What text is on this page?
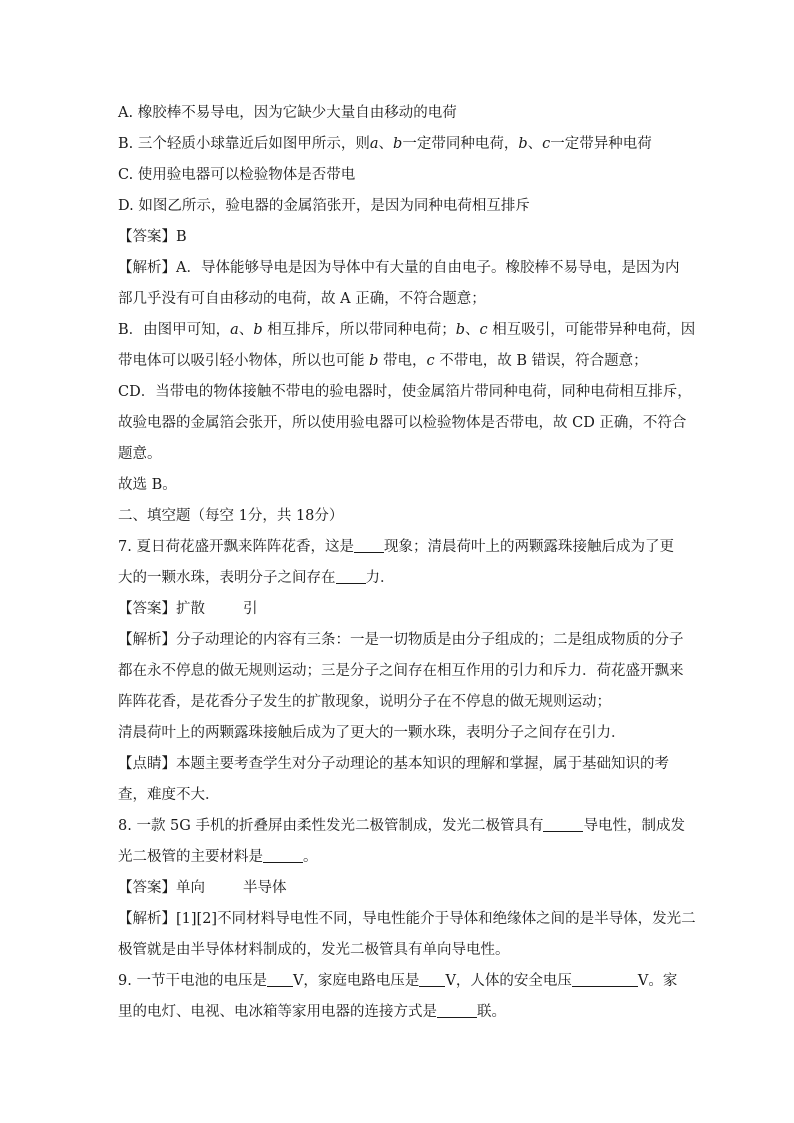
A. 橡胶棒不易导电，因为它缺少大量自由移动的电荷
B. 三个轻质小球靠近后如图甲所示，则a、b一定带同种电荷，b、c一定带异种电荷
C. 使用验电器可以检验物体是否带电
D. 如图乙所示，验电器的金属箔张开，是因为同种电荷相互排斥
【答案】B
【解析】A．导体能够导电是因为导体中有大量的自由电子。橡胶棒不易导电，是因为内
部几乎没有可自由移动的电荷，故 A 正确，不符合题意；
B．由图甲可知，a、b 相互排斥，所以带同种电荷；b、c 相互吸引，可能带异种电荷，因
带电体可以吸引轻小物体，所以也可能 b 带电，c 不带电，故 B 错误，符合题意；
CD．当带电的物体接触不带电的验电器时，使金属箔片带同种电荷，同种电荷相互排斥，
故验电器的金属箔会张开，所以使用验电器可以检验物体是否带电，故 CD 正确，不符合
题意。
故选 B。
二、填空题（每空 1分，共 18分）
7. 夏日荷花盛开飘来阵阵花香，这是 现象；清晨荷叶上的两颗露珠接触后成为了更
大的一颗水珠，表明分子之间存在 力．
【答案】扩散	引
【解析】分子动理论的内容有三条：一是一切物质是由分子组成的；二是组成物质的分子
都在永不停息的做无规则运动；三是分子之间存在相互作用的引力和斥力．荷花盛开飘来
阵阵花香，是花香分子发生的扩散现象，说明分子在不停息的做无规则运动；
清晨荷叶上的两颗露珠接触后成为了更大的一颗水珠，表明分子之间存在引力．
【点睛】本题主要考查学生对分子动理论的基本知识的理解和掌握，属于基础知识的考
查，难度不大．
8. 一款 5G 手机的折叠屏由柔性发光二极管制成，发光二极管具有	导电性，制成发
光二极管的主要材料是	。
【答案】单向	半导体
【解析】[1][2]不同材料导电性不同，导电性能介于导体和绝缘体之间的是半导体，发光二
极管就是由半导体材料制成的，发光二极管具有单向导电性。
9. 一节干电池的电压是 V，家庭电路电压是 V，人体的安全电压	V。家
里的电灯、电视、电冰箱等家用电器的连接方式是	联。
